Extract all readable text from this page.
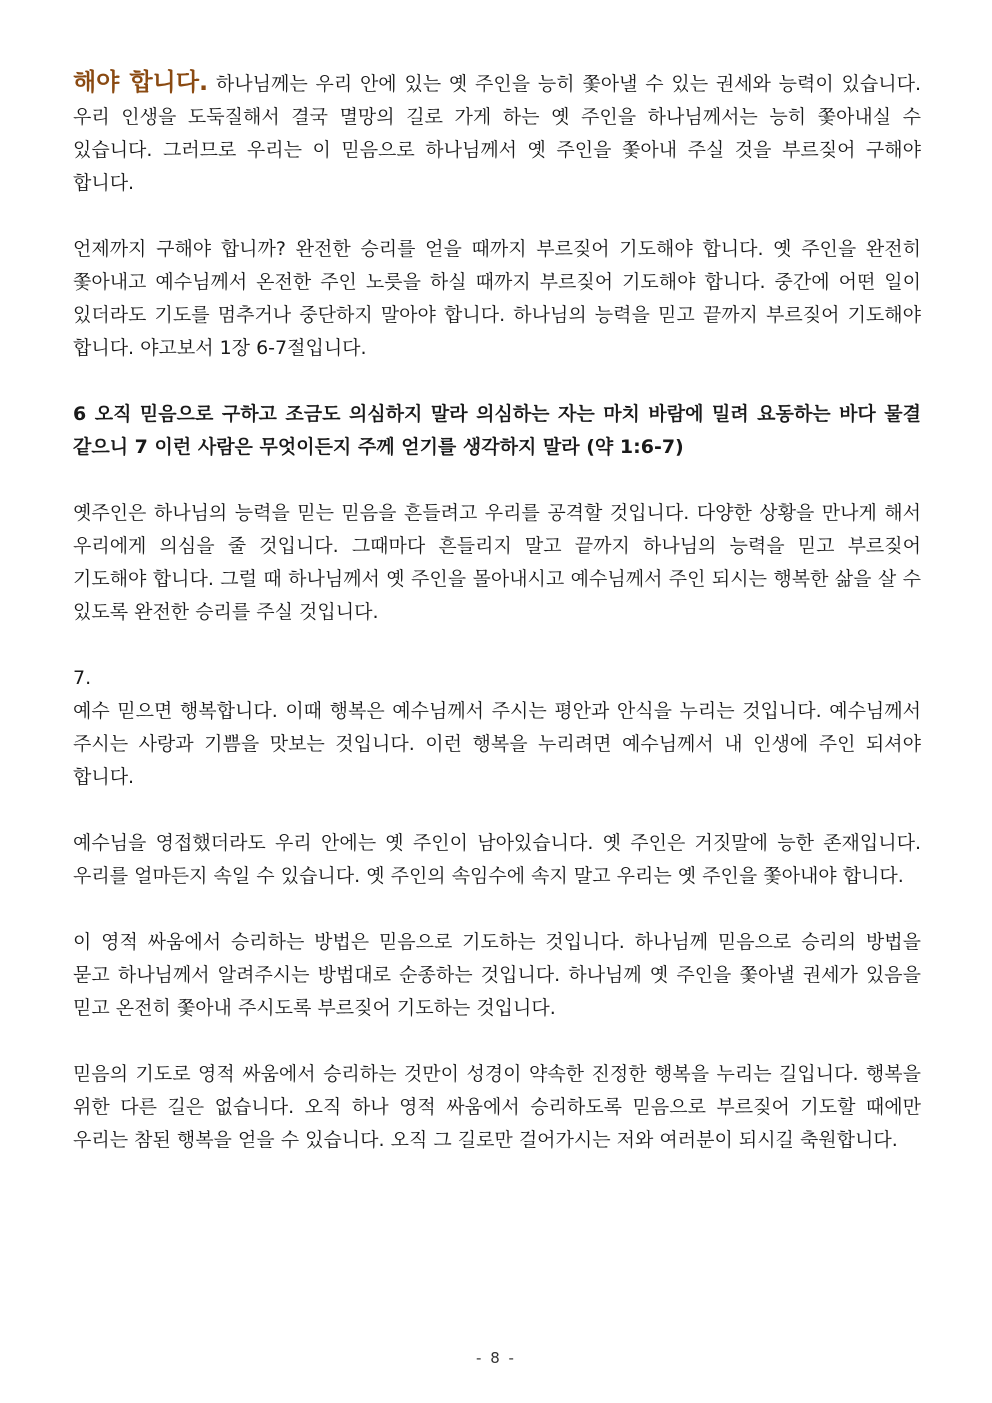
해야 합니다. 하나님께는 우리 안에 있는 옛 주인을 능히 쫓아낼 수 있는 권세와 능력이 있습니다. 우리 인생을 도둑질해서 결국 멸망의 길로 가게 하는 옛 주인을 하나님께서는 능히 쫓아내실 수 있습니다. 그러므로 우리는 이 믿음으로 하나님께서 옛 주인을 쫓아내 주실 것을 부르짖어 구해야 합니다.

언제까지 구해야 합니까? 완전한 승리를 얻을 때까지 부르짖어 기도해야 합니다. 옛 주인을 완전히 쫓아내고 예수님께서 온전한 주인 노릇을 하실 때까지 부르짖어 기도해야 합니다. 중간에 어떤 일이 있더라도 기도를 멈추거나 중단하지 말아야 합니다. 하나님의 능력을 믿고 끝까지 부르짖어 기도해야 합니다. 야고보서 1장 6-7절입니다.

6 오직 믿음으로 구하고 조금도 의심하지 말라 의심하는 자는 마치 바람에 밀려 요동하는 바다 물결 같으니 7 이런 사람은 무엇이든지 주께 얻기를 생각하지 말라 (약 1:6-7)

옛주인은 하나님의 능력을 믿는 믿음을 흔들려고 우리를 공격할 것입니다. 다양한 상황을 만나게 해서 우리에게 의심을 줄 것입니다. 그때마다 흔들리지 말고 끝까지 하나님의 능력을 믿고 부르짖어 기도해야 합니다. 그럴 때 하나님께서 옛 주인을 몰아내시고 예수님께서 주인 되시는 행복한 삶을 살 수 있도록 완전한 승리를 주실 것입니다.

7.

예수 믿으면 행복합니다. 이때 행복은 예수님께서 주시는 평안과 안식을 누리는 것입니다. 예수님께서 주시는 사랑과 기쁨을 맛보는 것입니다. 이런 행복을 누리려면 예수님께서 내 인생에 주인 되셔야 합니다.

예수님을 영접했더라도 우리 안에는 옛 주인이 남아있습니다. 옛 주인은 거짓말에 능한 존재입니다. 우리를 얼마든지 속일 수 있습니다. 옛 주인의 속임수에 속지 말고 우리는 옛 주인을 쫓아내야 합니다.

이 영적 싸움에서 승리하는 방법은 믿음으로 기도하는 것입니다. 하나님께 믿음으로 승리의 방법을 묻고 하나님께서 알려주시는 방법대로 순종하는 것입니다. 하나님께 옛 주인을 쫓아낼 권세가 있음을 믿고 온전히 쫓아내 주시도록 부르짖어 기도하는 것입니다.

믿음의 기도로 영적 싸움에서 승리하는 것만이 성경이 약속한 진정한 행복을 누리는 길입니다. 행복을 위한 다른 길은 없습니다. 오직 하나 영적 싸움에서 승리하도록 믿음으로 부르짖어 기도할 때에만 우리는 참된 행복을 얻을 수 있습니다. 오직 그 길로만 걸어가시는 저와 여러분이 되시길 축원합니다.

- 8 -
